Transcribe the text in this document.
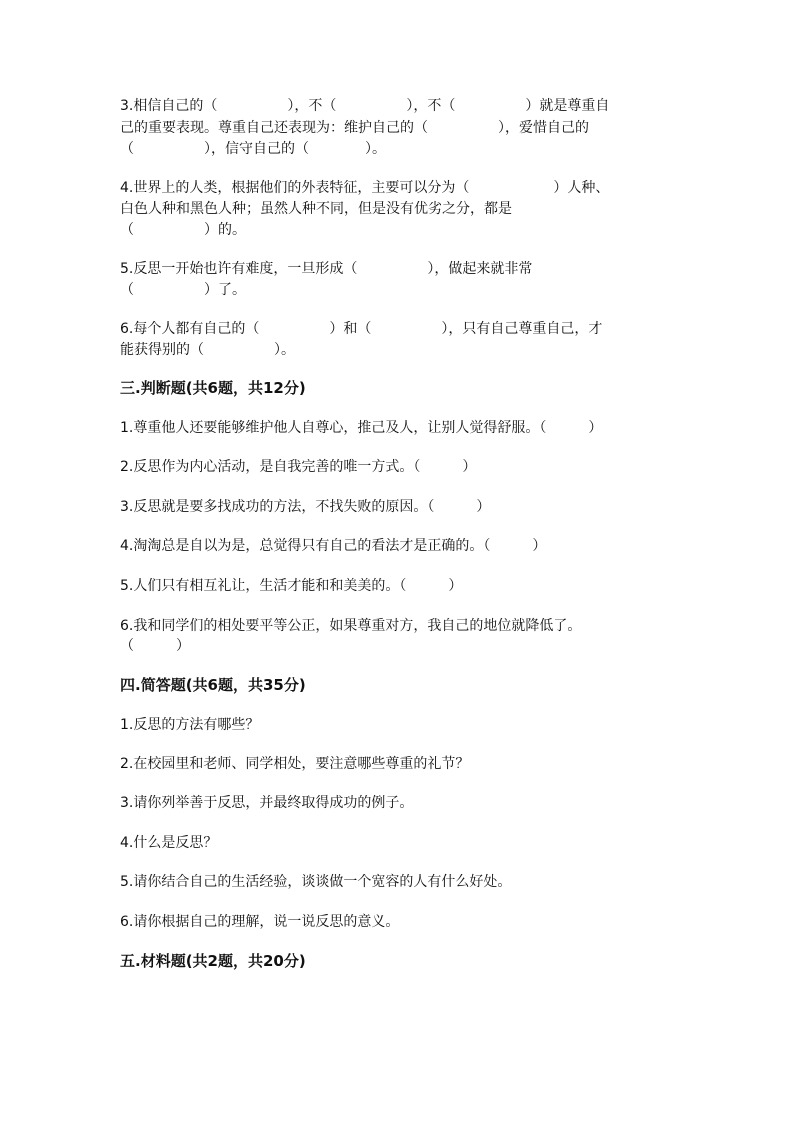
3.相信自己的（　　　　　），不（　　　　　），不（　　　　　）就是尊重自

己的重要表现。尊重自己还表现为：维护自己的（　　　　　），爱惜自己的

（　　　　　），信守自己的（　　　　）。

4.世界上的人类，根据他们的外表特征，主要可以分为（　　　　　　）人种、

白色人种和黑色人种；虽然人种不同，但是没有优劣之分，都是

（　　　　　）的。

5.反思一开始也许有难度，一旦形成（　　　　　），做起来就非常

（　　　　　）了。

6.每个人都有自己的（　　　　　）和（　　　　　），只有自己尊重自己，才

能获得别的（　　　　　）。

三.判断题(共6题，共12分)

1.尊重他人还要能够维护他人自尊心，推己及人，让别人觉得舒服。（　　　）

2.反思作为内心活动，是自我完善的唯一方式。（　　　）

3.反思就是要多找成功的方法，不找失败的原因。（　　　）

4.淘淘总是自以为是，总觉得只有自己的看法才是正确的。（　　　）

5.人们只有相互礼让，生活才能和和美美的。（　　　）

6.我和同学们的相处要平等公正，如果尊重对方，我自己的地位就降低了。

（　　　）

四.简答题(共6题，共35分)

1.反思的方法有哪些？

2.在校园里和老师、同学相处，要注意哪些尊重的礼节？

3.请你列举善于反思，并最终取得成功的例子。

4.什么是反思？

5.请你结合自己的生活经验，谈谈做一个宽容的人有什么好处。

6.请你根据自己的理解，说一说反思的意义。

五.材料题(共2题，共20分)
